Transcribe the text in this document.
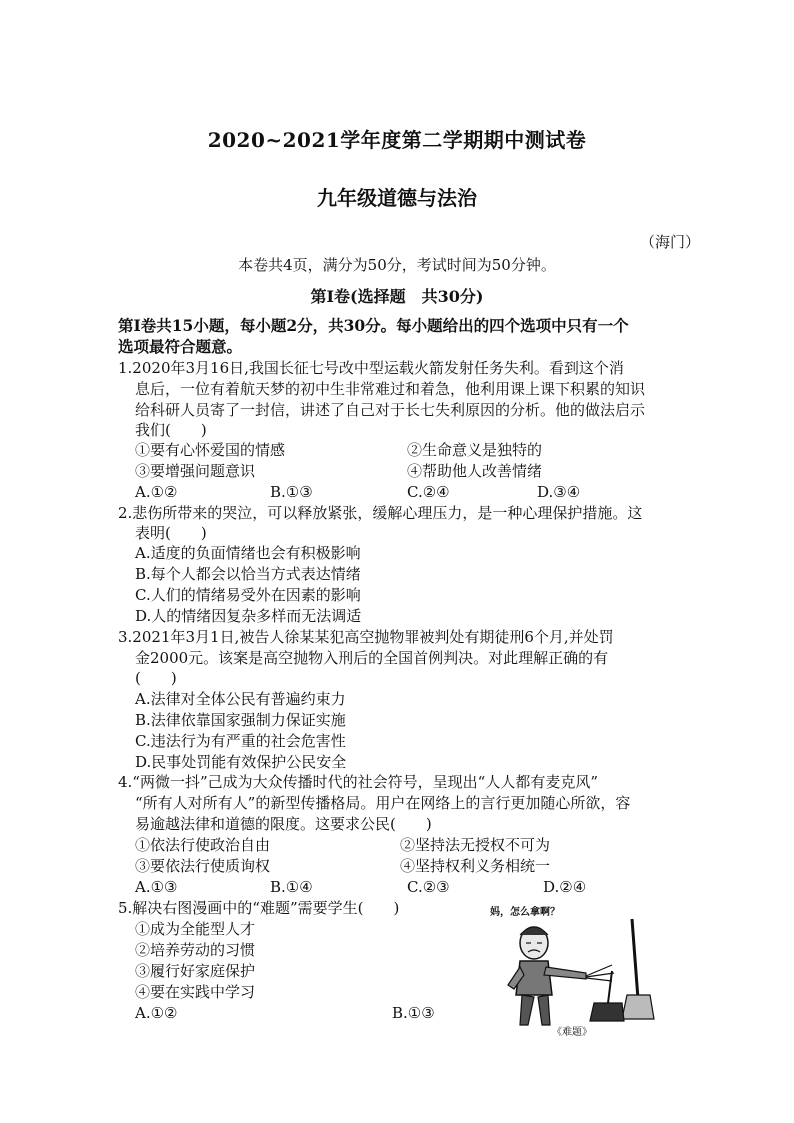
2020~2021学年度第二学期期中测试卷
九年级道德与法治
（海门）
本卷共4页，满分为50分，考试时间为50分钟。
第Ⅰ卷(选择题　共30分)
第Ⅰ卷共15小题，每小题2分，共30分。每小题给出的四个选项中只有一个
选项最符合题意。
1.2020年3月16日,我国长征七号改中型运载火箭发射任务失利。看到这个消
息后，一位有着航天梦的初中生非常难过和着急，他利用课上课下积累的知识
给科研人员寄了一封信，讲述了自己对于长七失利原因的分析。他的做法启示
我们(　　)
①要有心怀爱国的情感	②生命意义是独特的
③要增强问题意识	④帮助他人改善情绪
A.①②	B.①③	C.②④	D.③④
2.悲伤所带来的哭泣，可以释放紧张，缓解心理压力，是一种心理保护措施。这
表明(　　)
A.适度的负面情绪也会有积极影响
B.每个人都会以恰当方式表达情绪
C.人们的情绪易受外在因素的影响
D.人的情绪因复杂多样而无法调适
3.2021年3月1日,被告人徐某某犯高空抛物罪被判处有期徒刑6个月,并处罚
金2000元。该案是高空抛物入刑后的全国首例判决。对此理解正确的有
(　　)
A.法律对全体公民有普遍约束力
B.法律依靠国家强制力保证实施
C.违法行为有严重的社会危害性
D.民事处罚能有效保护公民安全
4.“两微一抖”己成为大众传播时代的社会符号，呈现出“人人都有麦克风”
“所有人对所有人”的新型传播格局。用户在网络上的言行更加随心所欲，容
易逾越法律和道德的限度。这要求公民(　　)
①依法行使政治自由	②坚持法无授权不可为
③要依法行使质询权	④坚持权利义务相统一
A.①③	B.①④	C.②③	D.②④
5.解决右图漫画中的“难题”需要学生(　　)
①成为全能型人才
②培养劳动的习惯
③履行好家庭保护
④要在实践中学习
A.①②	B.①③
妈，怎么拿啊？
《难题》
